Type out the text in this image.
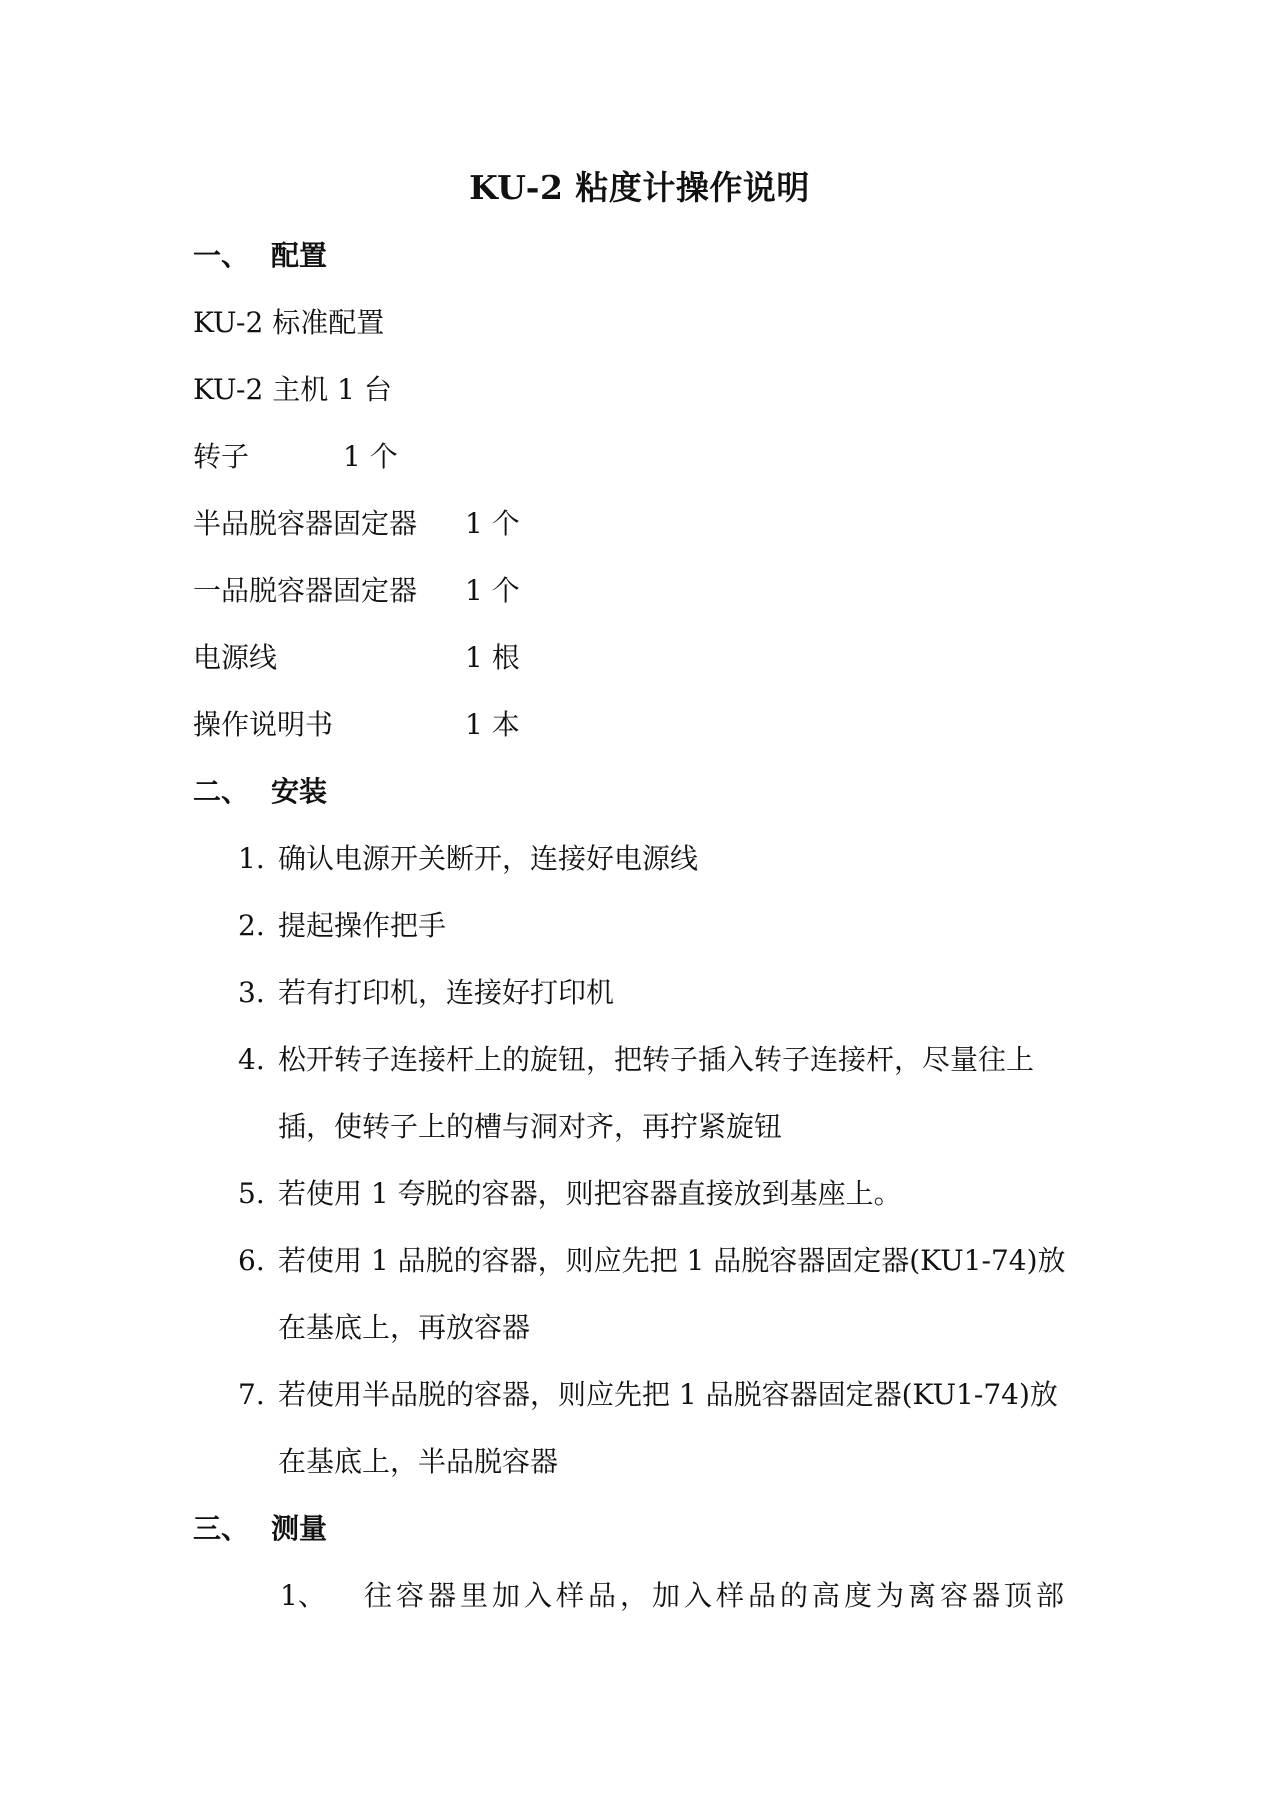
KU-2 粘度计操作说明
一、 配置
KU-2 标准配置
KU-2 主机 1 台
转子	1 个
半品脱容器固定器 1 个
一品脱容器固定器 1 个
电源线	1 根
操作说明书	1 本
二、 安装
1. 确认电源开关断开，连接好电源线
2. 提起操作把手
3. 若有打印机，连接好打印机
4. 松开转子连接杆上的旋钮，把转子插入转子连接杆，尽量往上
插，使转子上的槽与洞对齐，再拧紧旋钮
5. 若使用 1 夸脱的容器，则把容器直接放到基座上。
6. 若使用 1 品脱的容器，则应先把 1 品脱容器固定器(KU1-74)放
在基底上，再放容器
7. 若使用半品脱的容器，则应先把 1 品脱容器固定器(KU1-74)放
在基底上，半品脱容器
三、 测量
1、 往容器里加入样品，加入样品的高度为离容器顶部
